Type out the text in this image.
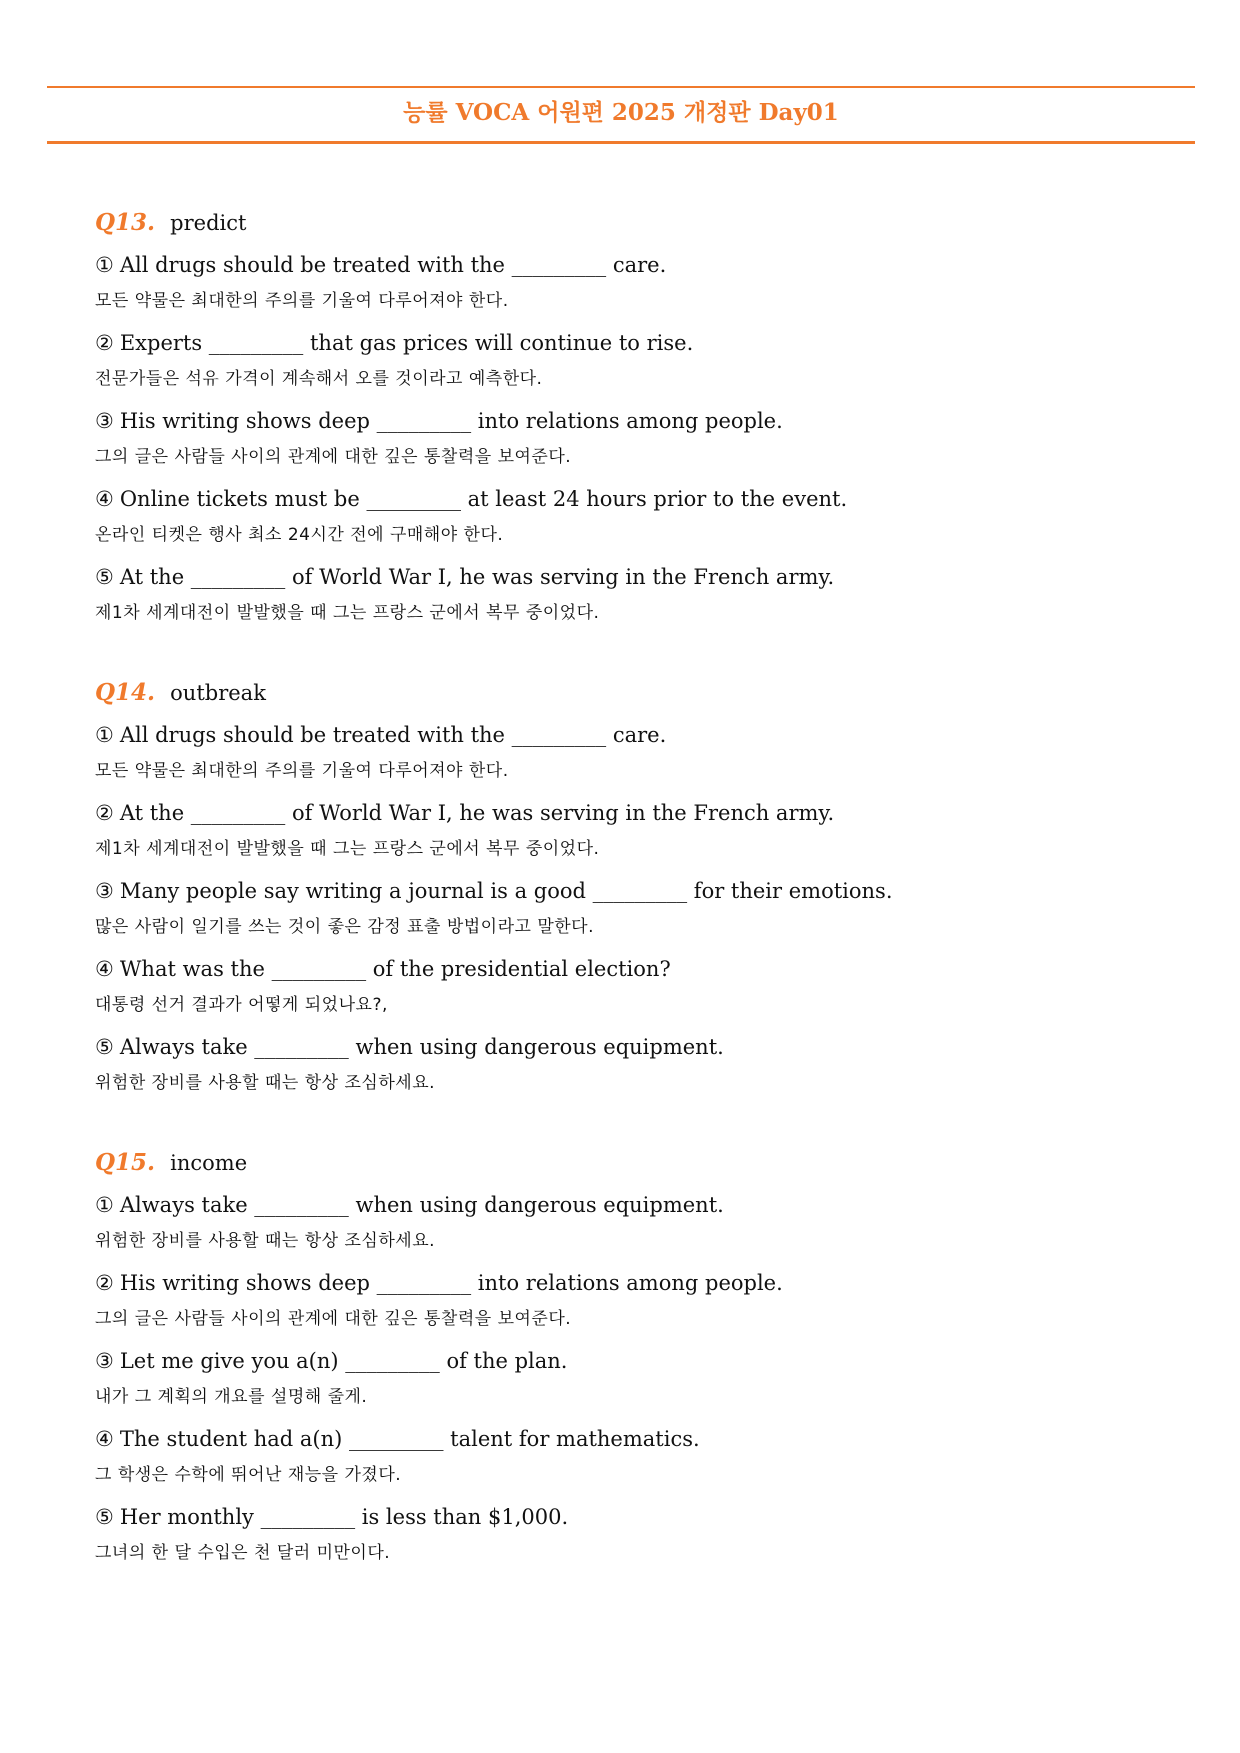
능률 VOCA 어원편 2025 개정판 Day01
Q13. predict
① All drugs should be treated with the _________ care.
모든 약물은 최대한의 주의를 기울여 다루어져야 한다.
② Experts _________ that gas prices will continue to rise.
전문가들은 석유 가격이 계속해서 오를 것이라고 예측한다.
③ His writing shows deep _________ into relations among people.
그의 글은 사람들 사이의 관계에 대한 깊은 통찰력을 보여준다.
④ Online tickets must be _________ at least 24 hours prior to the event.
온라인 티켓은 행사 최소 24시간 전에 구매해야 한다.
⑤ At the _________ of World War I, he was serving in the French army.
제1차 세계대전이 발발했을 때 그는 프랑스 군에서 복무 중이었다.
Q14. outbreak
① All drugs should be treated with the _________ care.
모든 약물은 최대한의 주의를 기울여 다루어져야 한다.
② At the _________ of World War I, he was serving in the French army.
제1차 세계대전이 발발했을 때 그는 프랑스 군에서 복무 중이었다.
③ Many people say writing a journal is a good _________ for their emotions.
많은 사람이 일기를 쓰는 것이 좋은 감정 표출 방법이라고 말한다.
④ What was the _________ of the presidential election?
대통령 선거 결과가 어떻게 되었나요?,
⑤ Always take _________ when using dangerous equipment.
위험한 장비를 사용할 때는 항상 조심하세요.
Q15. income
① Always take _________ when using dangerous equipment.
위험한 장비를 사용할 때는 항상 조심하세요.
② His writing shows deep _________ into relations among people.
그의 글은 사람들 사이의 관계에 대한 깊은 통찰력을 보여준다.
③ Let me give you a(n) _________ of the plan.
내가 그 계획의 개요를 설명해 줄게.
④ The student had a(n) _________ talent for mathematics.
그 학생은 수학에 뛰어난 재능을 가졌다.
⑤ Her monthly _________ is less than $1,000.
그녀의 한 달 수입은 천 달러 미만이다.
